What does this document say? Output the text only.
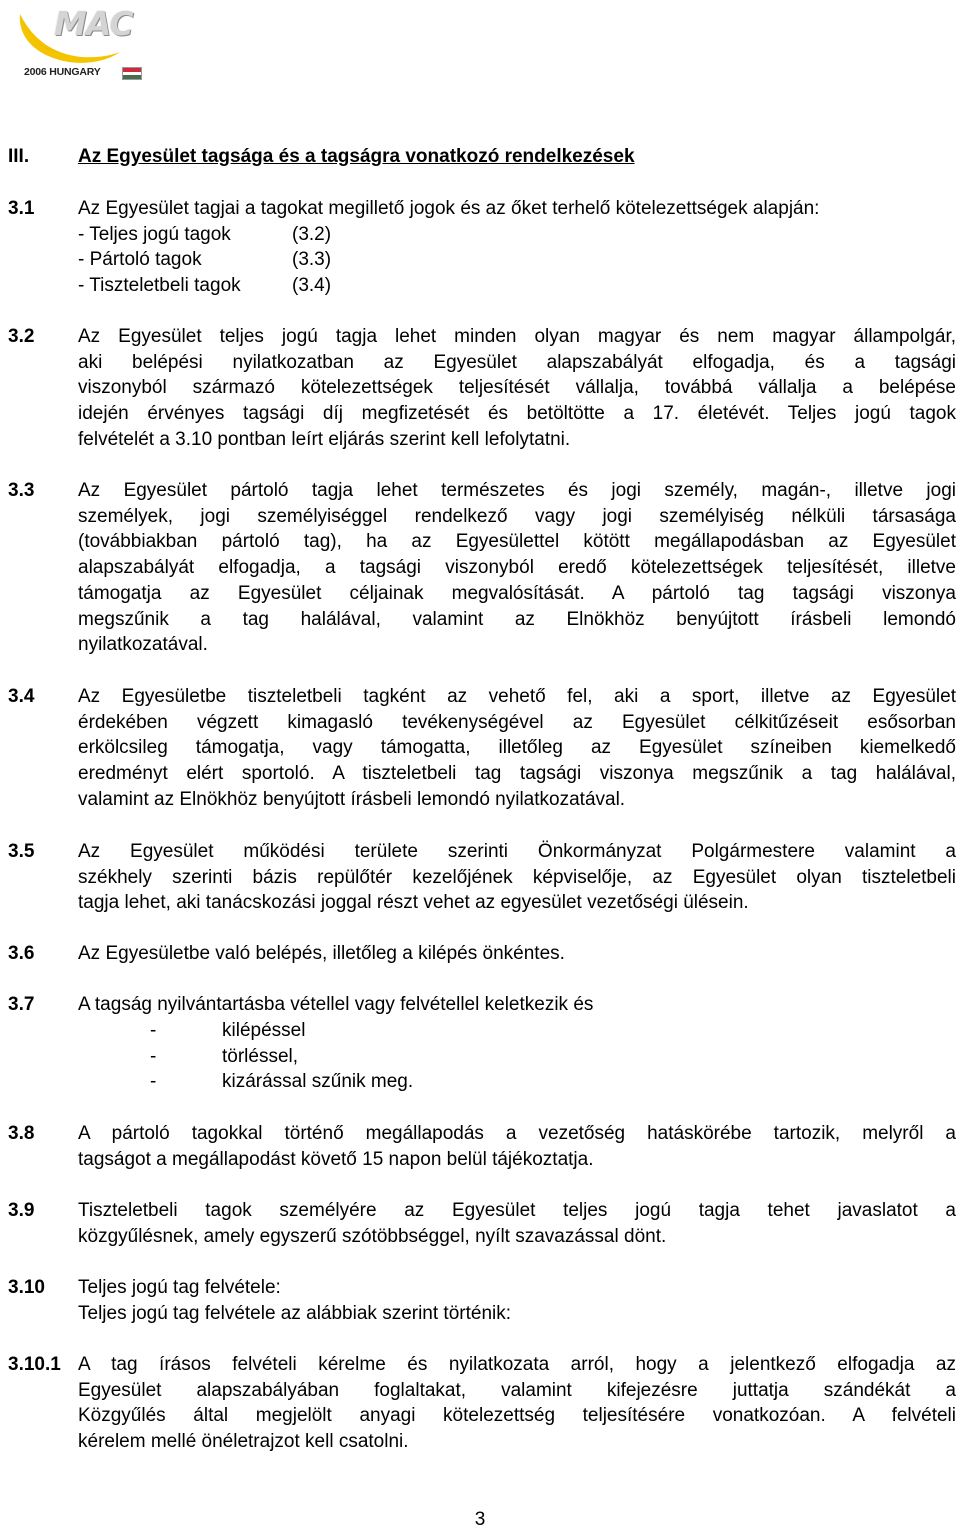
MAC
2006 HUNGARY
III.	Az Egyesület tagsága és a tagságra vonatkozó rendelkezések
3.1 Az Egyesület tagjai a tagokat megillető jogok és az őket terhelő kötelezettségek alapján:
- Teljes jogú tagok	(3.2)
- Pártoló tagok	(3.3)
- Tiszteletbeli tagok	(3.4)
3.2 Az Egyesület teljes jogú tagja lehet minden olyan magyar és nem magyar állampolgár,
aki belépési nyilatkozatban az Egyesület alapszabályát elfogadja, és a tagsági
viszonyból származó kötelezettségek teljesítését vállalja, továbbá vállalja a belépése
idején érvényes tagsági díj megfizetését és betöltötte a 17. életévét. Teljes jogú tagok
felvételét a 3.10 pontban leírt eljárás szerint kell lefolytatni.
3.3 Az Egyesület pártoló tagja lehet természetes és jogi személy, magán-, illetve jogi
személyek, jogi személyiséggel rendelkező vagy jogi személyiség nélküli társasága
(továbbiakban pártoló tag), ha az Egyesülettel kötött megállapodásban az Egyesület
alapszabályát elfogadja, a tagsági viszonyból eredő kötelezettségek teljesítését, illetve
támogatja az Egyesület céljainak megvalósítását. A pártoló tag tagsági viszonya
megszűnik a tag halálával, valamint az Elnökhöz benyújtott írásbeli lemondó
nyilatkozatával.
3.4 Az Egyesületbe tiszteletbeli tagként az vehető fel, aki a sport, illetve az Egyesület
érdekében végzett kimagasló tevékenységével az Egyesület célkitűzéseit esősorban
erkölcsileg támogatja, vagy támogatta, illetőleg az Egyesület színeiben kiemelkedő
eredményt elért sportoló. A tiszteletbeli tag tagsági viszonya megszűnik a tag halálával,
valamint az Elnökhöz benyújtott írásbeli lemondó nyilatkozatával.
3.5 Az Egyesület működési területe szerinti Önkormányzat Polgármestere valamint a
székhely szerinti bázis repülőtér kezelőjének képviselője, az Egyesület olyan tiszteletbeli
tagja lehet, aki tanácskozási joggal részt vehet az egyesület vezetőségi ülésein.
3.6 Az Egyesületbe való belépés, illetőleg a kilépés önkéntes.
3.7 A tagság nyilvántartásba vétellel vagy felvétellel keletkezik és
-	kilépéssel
-	törléssel,
-	kizárással szűnik meg.
3.8 A pártoló tagokkal történő megállapodás a vezetőség hatáskörébe tartozik, melyről a
tagságot a megállapodást követő 15 napon belül tájékoztatja.
3.9 Tiszteletbeli tagok személyére az Egyesület teljes jogú tagja tehet javaslatot a
közgyűlésnek, amely egyszerű szótöbbséggel, nyílt szavazással dönt.
3.10 Teljes jogú tag felvétele:
Teljes jogú tag felvétele az alábbiak szerint történik:
3.10.1 A tag írásos felvételi kérelme és nyilatkozata arról, hogy a jelentkező elfogadja az
Egyesület alapszabályában foglaltakat, valamint kifejezésre juttatja szándékát a
Közgyűlés által megjelölt anyagi kötelezettség teljesítésére vonatkozóan. A felvételi
kérelem mellé önéletrajzot kell csatolni.
3
